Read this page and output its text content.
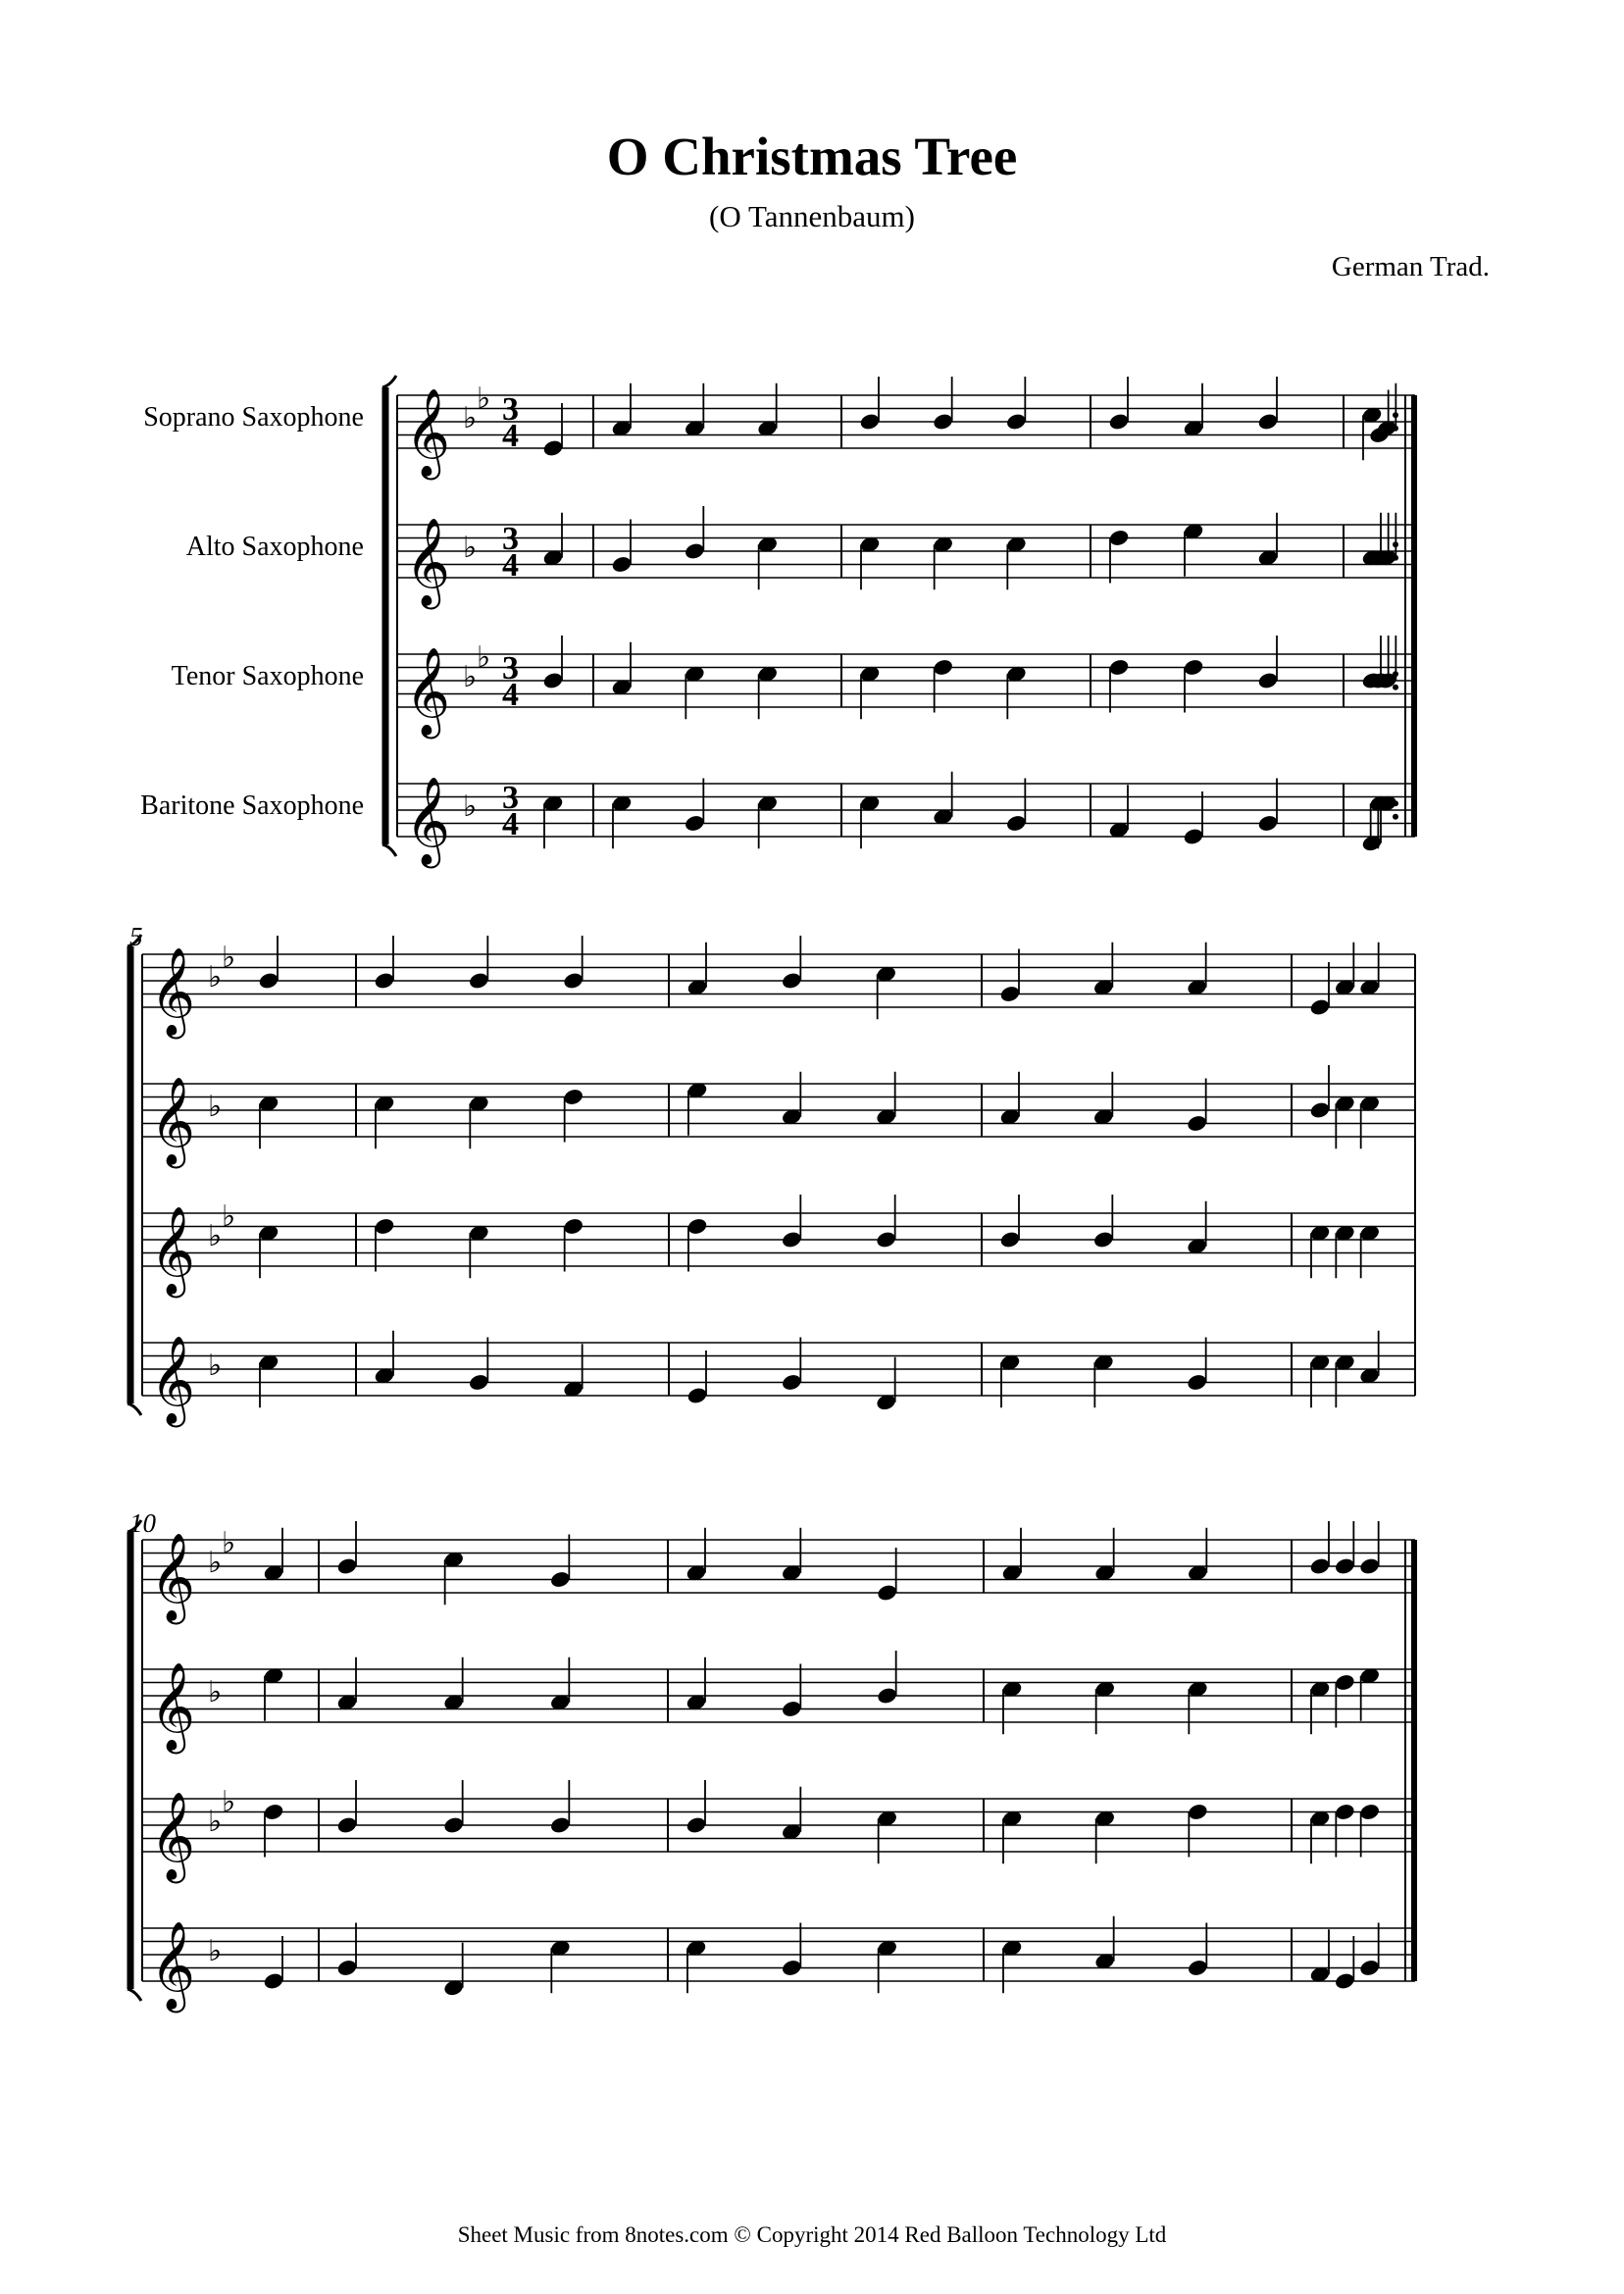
O Christmas Tree
(O Tannenbaum)
German Trad.
Soprano Saxophone
Alto Saxophone
Tenor Saxophone
Baritone Saxophone
5
10
𝄞 ♭
♭ 3
4
𝄞 ♭ 3
4
𝄞 ♭
♭ 3
4
𝄞 ♭ 3
4
𝄞 ♭
♭
𝄞 ♭
𝄞 ♭
♭
𝄞 ♭
𝄞 ♭
♭
𝄞 ♭
𝄞 ♭
♭
𝄞 ♭
Sheet Music from 8notes.com © Copyright 2014 Red Balloon Technology Ltd
